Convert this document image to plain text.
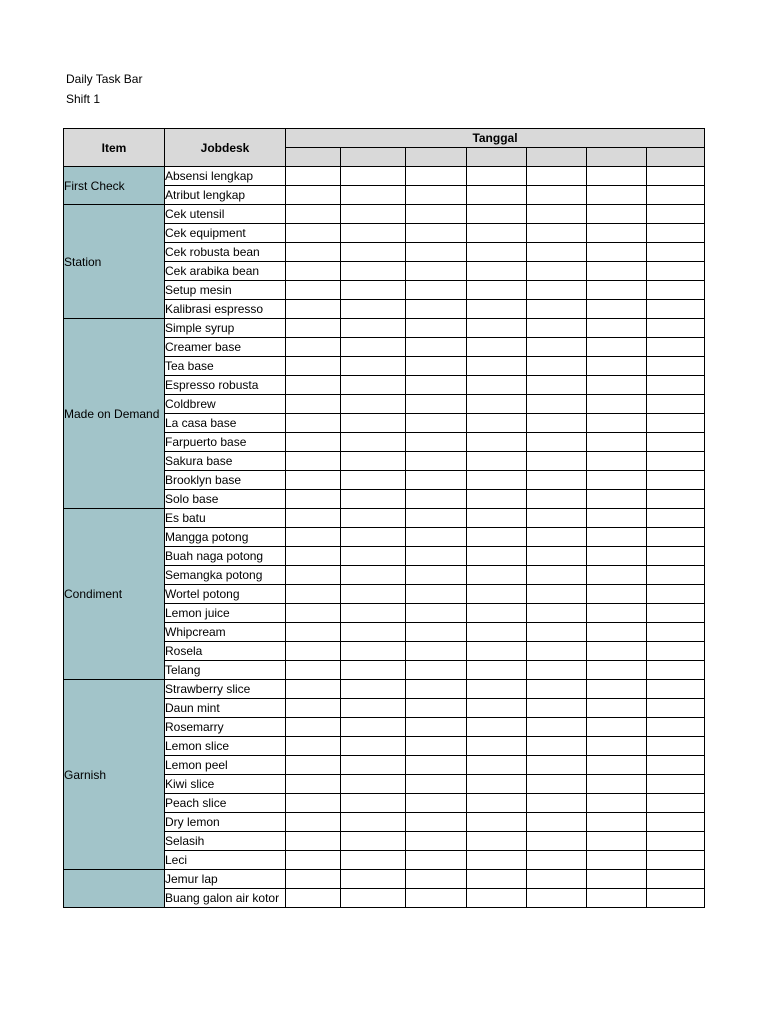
Daily Task Bar
Shift 1
Item	Jobdesk	Tanggal						

First Check	Absensi lengkap							
	Atribut lengkap							
Station	Cek utensil							
	Cek equipment							
	Cek robusta bean							
	Cek arabika bean							
	Setup mesin							
	Kalibrasi espresso							
Made on Demand	Simple syrup							
	Creamer base							
	Tea base							
	Espresso robusta							
	Coldbrew							
	La casa base							
	Farpuerto base							
	Sakura base							
	Brooklyn base							
	Solo base							
Condiment	Es batu							
	Mangga potong							
	Buah naga potong							
	Semangka potong							
	Wortel potong							
	Lemon juice							
	Whipcream							
	Rosela							
	Telang							
Garnish	Strawberry slice							
	Daun mint							
	Rosemarry							
	Lemon slice							
	Lemon peel							
	Kiwi slice							
	Peach slice							
	Dry lemon							
	Selasih							
	Leci							
	Jemur lap							
	Buang galon air kotor							
